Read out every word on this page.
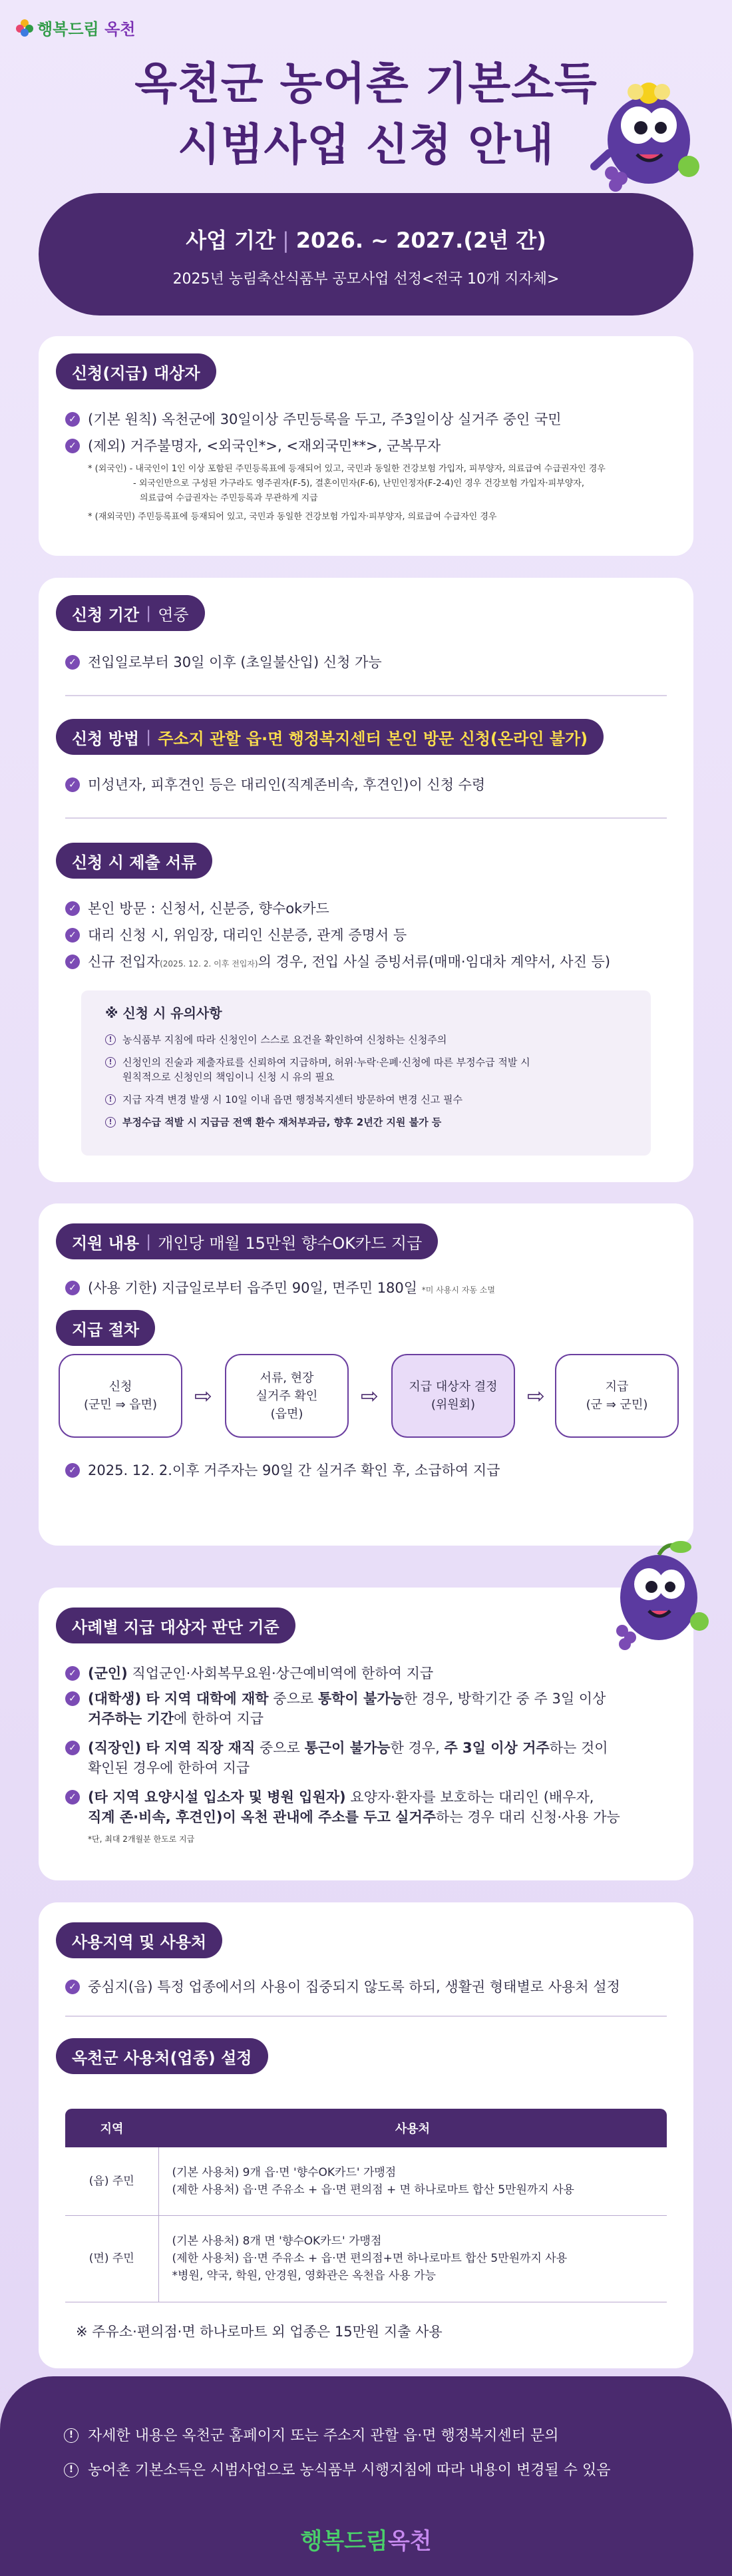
행복드림 옥천
옥천군 농어촌 기본소득
시범사업 신청 안내
사업 기간 | 2026. ~ 2027.(2년 간)
2025년 농림축산식품부 공모사업 선정<전국 10개 지자체>
신청(지급) 대상자
✓ (기본 원칙) 옥천군에 30일이상 주민등록을 두고, 주3일이상 실거주 중인 국민
✓ (제외) 거주불명자, <외국인*>, <재외국민**>, 군복무자
* (외국인) - 내국인이 1인 이상 포함된 주민등록표에 등재되어 있고, 국민과 동일한 건강보험 가입자, 피부양자, 의료급여 수급권자인 경우
- 외국인만으로 구성된 가구라도 영주권자(F-5), 결혼이민자(F-6), 난민인정자(F-2-4)인 경우 건강보험 가입자·피부양자,
의료급여 수급권자는 주민등록과 무관하게 지급
* (재외국민) 주민등록표에 등재되어 있고, 국민과 동일한 건강보험 가입자·피부양자, 의료급여 수급자인 경우
신청 기간 | 연중
✓ 전입일로부터 30일 이후 (초일불산입) 신청 가능
신청 방법 | 주소지 관할 읍·면 행정복지센터 본인 방문 신청(온라인 불가)
✓ 미성년자, 피후견인 등은 대리인(직계존비속, 후견인)이 신청 수령
신청 시 제출 서류
✓ 본인 방문 : 신청서, 신분증, 향수ok카드
✓ 대리 신청 시, 위임장, 대리인 신분증, 관계 증명서 등
✓ 신규 전입자(2025. 12. 2. 이후 전입자)의 경우, 전입 사실 증빙서류(매매·임대차 계약서, 사진 등)
※ 신청 시 유의사항
!	농식품부 지침에 따라 신청인이 스스로 요건을 확인하여 신청하는 신청주의
!	신청인의 진술과 제출자료를 신뢰하여 지급하며, 허위·누락·은폐·신청에 따른 부정수급 적발 시
원칙적으로 신청인의 책임이니 신청 시 유의 필요
!	지급 자격 변경 발생 시 10일 이내 읍면 행정복지센터 방문하여 변경 신고 필수
!	부정수급 적발 시 지급금 전액 환수 재처부과금, 향후 2년간 지원 불가 등
지원 내용 | 개인당 매월 15만원 향수OK카드 지급
✓ (사용 기한) 지급일로부터 읍주민 90일, 면주민 180일 *미 사용시 자동 소멸
지급 절차
신청
(군민 ⇒ 읍면)	⇨
서류, 현장
실거주 확인
(읍면)
⇨	지급 대상자 결정
(위원회)	⇨	지급
(군 ⇒ 군민)
✓ 2025. 12. 2.이후 거주자는 90일 간 실거주 확인 후, 소급하여 지급
사례별 지급 대상자 판단 기준
✓ (군인) 직업군인·사회복무요원·상근예비역에 한하여 지급
✓ (대학생) 타 지역 대학에 재학 중으로 통학이 불가능한 경우, 방학기간 중 주 3일 이상
거주하는 기간에 한하여 지급
✓ (직장인) 타 지역 직장 재직 중으로 통근이 불가능한 경우, 주 3일 이상 거주하는 것이
확인된 경우에 한하여 지급
✓ (타 지역 요양시설 입소자 및 병원 입원자) 요양자·환자를 보호하는 대리인 (배우자,
직계 존·비속, 후견인)이 옥천 관내에 주소를 두고 실거주하는 경우 대리 신청·사용 가능
*단, 최대 2개월분 한도로 지급
사용지역 및 사용처
✓ 중심지(읍) 특정 업종에서의 사용이 집중되지 않도록 하되, 생활권 형태별로 사용처 설정
옥천군 사용처(업종) 설정
지역	사용처
(읍) 주민	(기본 사용처) 9개 읍·면 '향수OK카드' 가맹점
(제한 사용처) 읍·면 주유소 + 읍·면 편의점 + 면 하나로마트 합산 5만원까지 사용

(면) 주민	(기본 사용처) 8개 면 '향수OK카드' 가맹점
(제한 사용처) 읍·면 주유소 + 읍·면 편의점+면 하나로마트 합산 5만원까지 사용
*병원, 약국, 학원, 안경원, 영화관은 옥천읍 사용 가능
※ 주유소·편의점·면 하나로마트 외 업종은 15만원 지출 사용
! 자세한 내용은 옥천군 홈페이지 또는 주소지 관할 읍·면 행정복지센터 문의
! 농어촌 기본소득은 시범사업으로 농식품부 시행지침에 따라 내용이 변경될 수 있음
행복드림옥천
